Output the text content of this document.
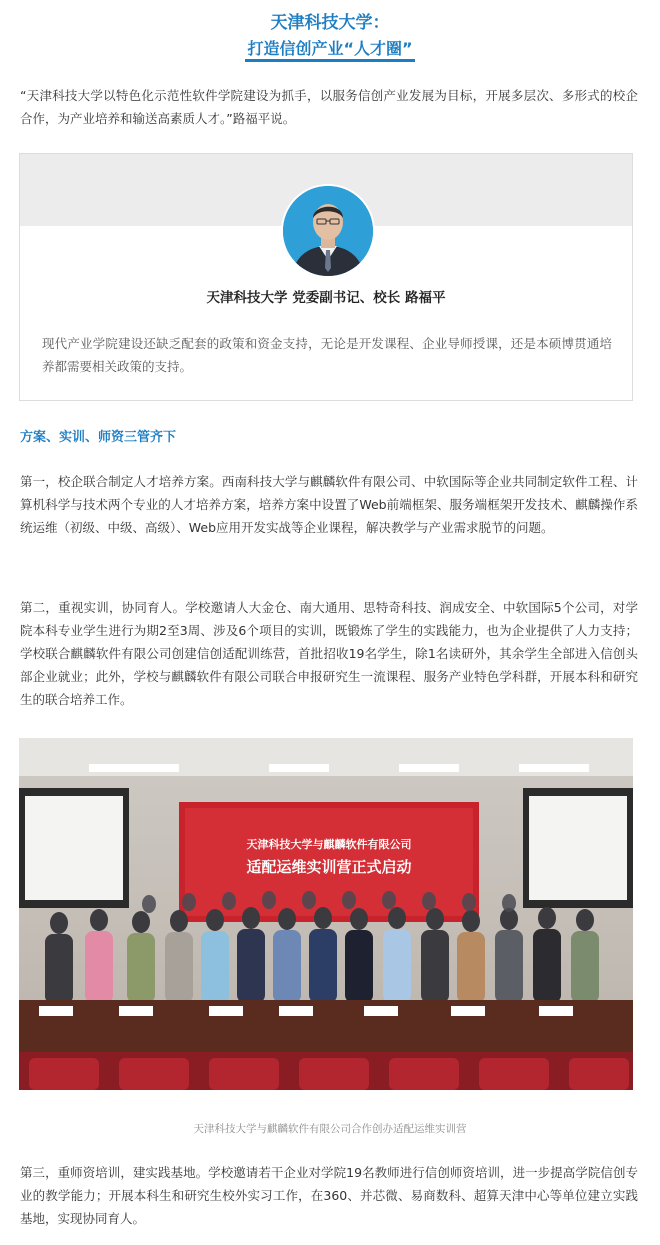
天津科技大学：
打造信创产业“人才圈”
“天津科技大学以特色化示范性软件学院建设为抓手，以服务信创产业发展为目标，开展多层次、多形式的校企合作，为产业培养和输送高素质人才。”路福平说。
天津科技大学 党委副书记、校长 路福平
现代产业学院建设还缺乏配套的政策和资金支持，无论是开发课程、企业导师授课，还是本硕博贯通培养都需要相关政策的支持。
方案、实训、师资三管齐下
第一，校企联合制定人才培养方案。西南科技大学与麒麟软件有限公司、中软国际等企业共同制定软件工程、计算机科学与技术两个专业的人才培养方案，培养方案中设置了Web前端框架、服务端框架开发技术、麒麟操作系统运维（初级、中级、高级）、Web应用开发实战等企业课程，解决教学与产业需求脱节的问题。
第二，重视实训，协同育人。学校邀请人大金仓、南大通用、思特奇科技、润成安全、中软国际5个公司，对学院本科专业学生进行为期2至3周、涉及6个项目的实训，既锻炼了学生的实践能力，也为企业提供了人力支持；学校联合麒麟软件有限公司创建信创适配训练营，首批招收19名学生，除1名读研外，其余学生全部进入信创头部企业就业；此外，学校与麒麟软件有限公司联合申报研究生一流课程、服务产业特色学科群，开展本科和研究生的联合培养工作。
天津科技大学与麒麟软件有限公司
适配运维实训营正式启动
天津科技大学与麒麟软件有限公司合作创办适配运维实训营
第三，重师资培训，建实践基地。学校邀请若干企业对学院19名教师进行信创师资培训，进一步提高学院信创专业的教学能力；开展本科生和研究生校外实习工作，在360、并芯微、易商数科、超算天津中心等单位建立实践基地，实现协同育人。
